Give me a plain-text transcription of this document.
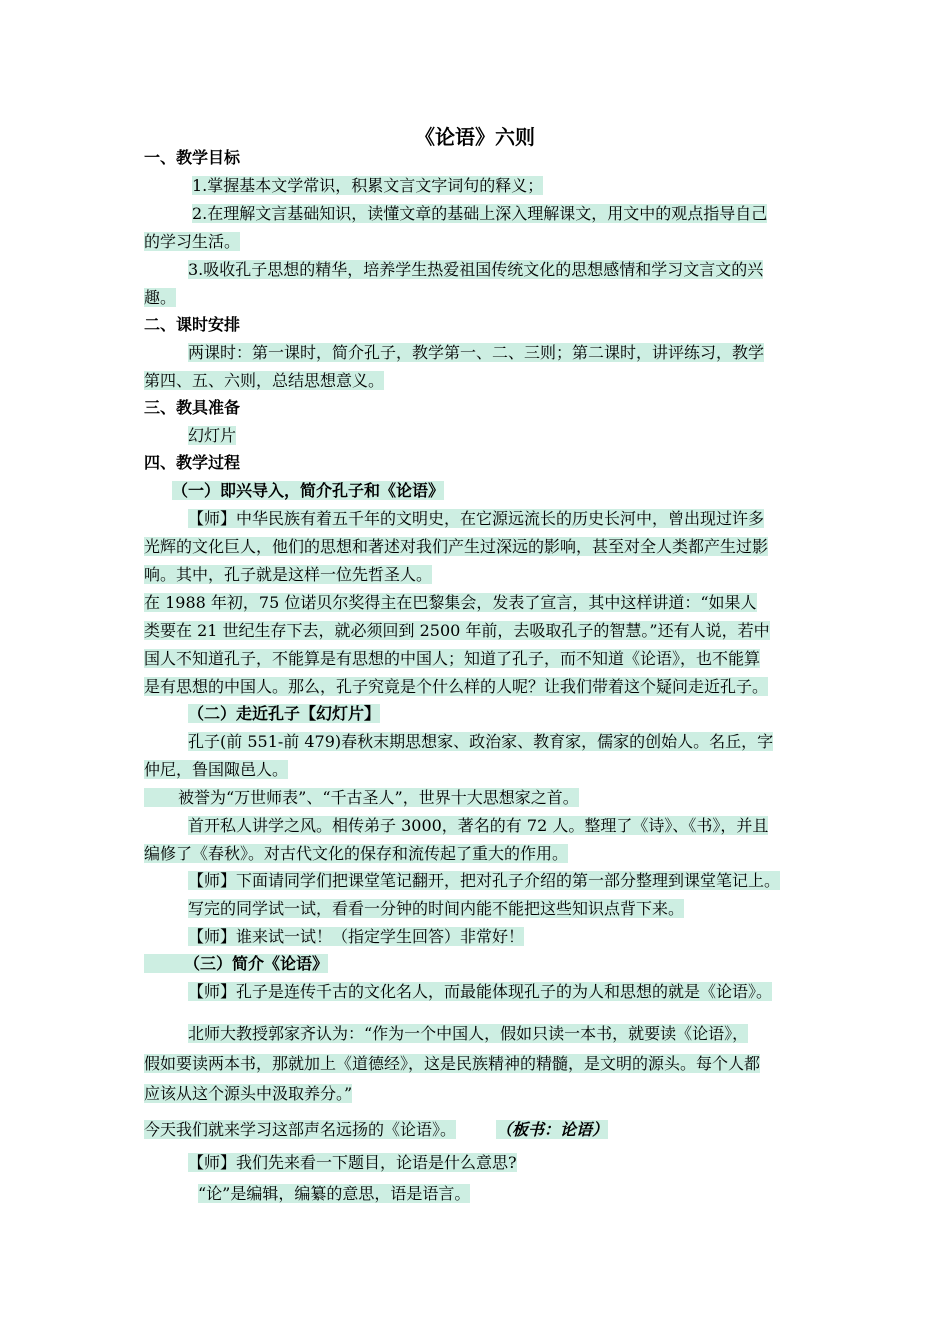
《论语》六则
一、教学目标
1.掌握基本文学常识，积累文言文字词句的释义；
2.在理解文言基础知识，读懂文章的基础上深入理解课文，用文中的观点指导自己
的学习生活。
3.吸收孔子思想的精华，培养学生热爱祖国传统文化的思想感情和学习文言文的兴
趣。
二、课时安排
两课时：第一课时，简介孔子，教学第一、二、三则；第二课时，讲评练习，教学
第四、五、六则，总结思想意义。
三、教具准备
幻灯片
四、教学过程
（一）即兴导入，简介孔子和《论语》
【师】中华民族有着五千年的文明史，在它源远流长的历史长河中，曾出现过许多
光辉的文化巨人，他们的思想和著述对我们产生过深远的影响，甚至对全人类都产生过影
响。其中，孔子就是这样一位先哲圣人。
在 1988 年初，75 位诺贝尔奖得主在巴黎集会，发表了宣言，其中这样讲道：“如果人
类要在 21 世纪生存下去，就必须回到 2500 年前，去吸取孔子的智慧。”还有人说，若中
国人不知道孔子，不能算是有思想的中国人；知道了孔子，而不知道《论语》，也不能算
是有思想的中国人。那么，孔子究竟是个什么样的人呢？让我们带着这个疑问走近孔子。
（二）走近孔子【幻灯片】
孔子(前 551-前 479)春秋末期思想家、政治家、教育家，儒家的创始人。名丘，字
仲尼，鲁国陬邑人。
被誉为“万世师表”、“千古圣人”，世界十大思想家之首。
首开私人讲学之风。相传弟子 3000，著名的有 72 人。整理了《诗》、《书》，并且
编修了《春秋》。对古代文化的保存和流传起了重大的作用。
【师】下面请同学们把课堂笔记翻开，把对孔子介绍的第一部分整理到课堂笔记上。
写完的同学试一试，看看一分钟的时间内能不能把这些知识点背下来。
【师】谁来试一试！（指定学生回答）非常好！
（三）简介《论语》
【师】孔子是连传千古的文化名人，而最能体现孔子的为人和思想的就是《论语》。
北师大教授郭家齐认为：“作为一个中国人，假如只读一本书，就要读《论语》，
假如要读两本书，那就加上《道德经》，这是民族精神的精髓，是文明的源头。每个人都
应该从这个源头中汲取养分。”
今天我们就来学习这部声名远扬的《论语》。	（板书：论语）
【师】我们先来看一下题目，论语是什么意思?
“论”是编辑，编纂的意思，语是语言。
